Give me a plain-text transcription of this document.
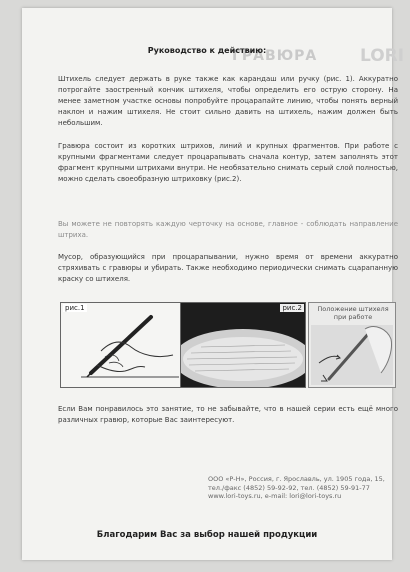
ГРАВЮРА	LORI
Руководство к действию:

Штихель следует держать в руке также как карандаш или ручку (рис. 1). Аккуратно потрогайте заостренный кончик штихеля, чтобы определить его острую сторону. На менее заметном участке основы попробуйте процарапайте линию, чтобы понять верный наклон и нажим штихеля. Не стоит сильно давить на штихель, нажим должен быть небольшим.

Гравюра состоит из коротких штрихов, линий и крупных фрагментов. При работе с крупными фрагментами следует процарапывать сначала контур, затем заполнять этот фрагмент крупными штрихами внутри. Не необязательно снимать серый слой полностью, можно сделать своеобразную штриховку (рис.2).

Вы можете не повторять каждую черточку на основе, главное - соблюдать направление штриха.

Мусор, образующийся при процарапывании, нужно время от времени аккуратно стряхивать с гравюры и убирать. Также необходимо периодически снимать сцарапанную краску со штихеля.

рис.1	рис.2	Положение штихеля при работе

Если Вам понравилось это занятие, то не забывайте, что в нашей серии есть ещё много различных гравюр, которые Вас заинтересуют.

ООО «Р-Н», Россия, г. Ярославль, ул. 1905 года, 15,
тел./факс (4852) 59-92-92, тел. (4852) 59-91-77
www.lori-toys.ru, e-mail: lori@lori-toys.ru
Благодарим Вас за выбор нашей продукции
